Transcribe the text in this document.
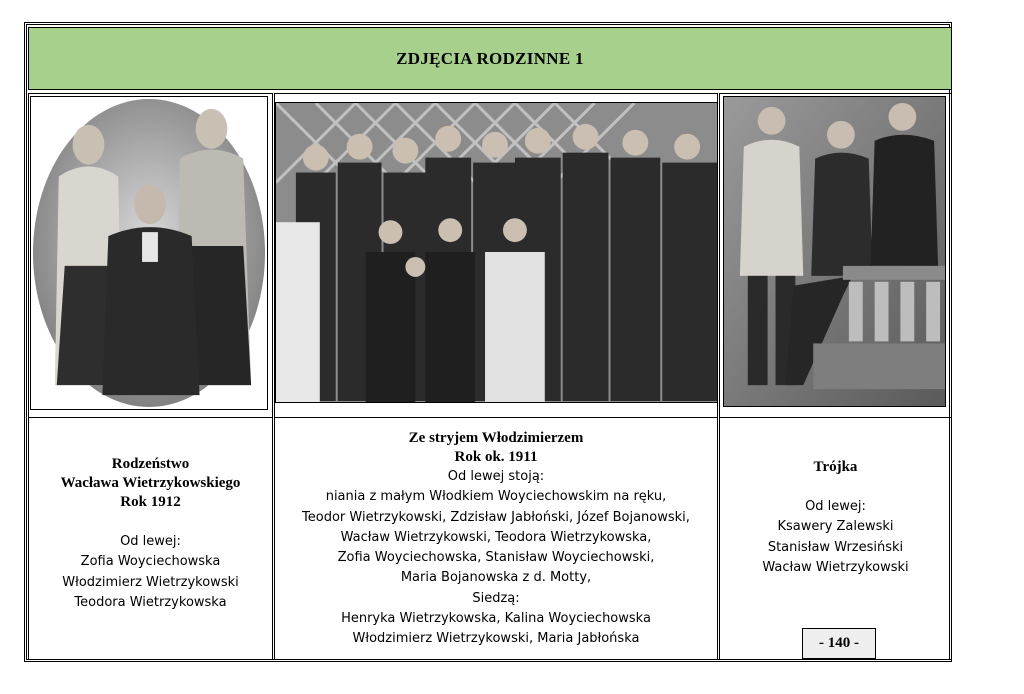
ZDJĘCIA RODZINNE 1
Rodzeństwo
Wacława Wietrzykowskiego
Rok 1912
Od lewej:
Zofia Woyciechowska
Włodzimierz Wietrzykowski
Teodora Wietrzykowska
Ze stryjem Włodzimierzem
Rok ok. 1911
Od lewej stoją:
niania z małym Włodkiem Woyciechowskim na ręku,
Teodor Wietrzykowski, Zdzisław Jabłoński, Józef Bojanowski,
Wacław Wietrzykowski, Teodora Wietrzykowska,
Zofia Woyciechowska, Stanisław Woyciechowski,
Maria Bojanowska z d. Motty,
Siedzą:
Henryka Wietrzykowska, Kalina Woyciechowska
Włodzimierz Wietrzykowski, Maria Jabłońska
Trójka
Od lewej:
Ksawery Zalewski
Stanisław Wrzesiński
Wacław Wietrzykowski
- 140 -
